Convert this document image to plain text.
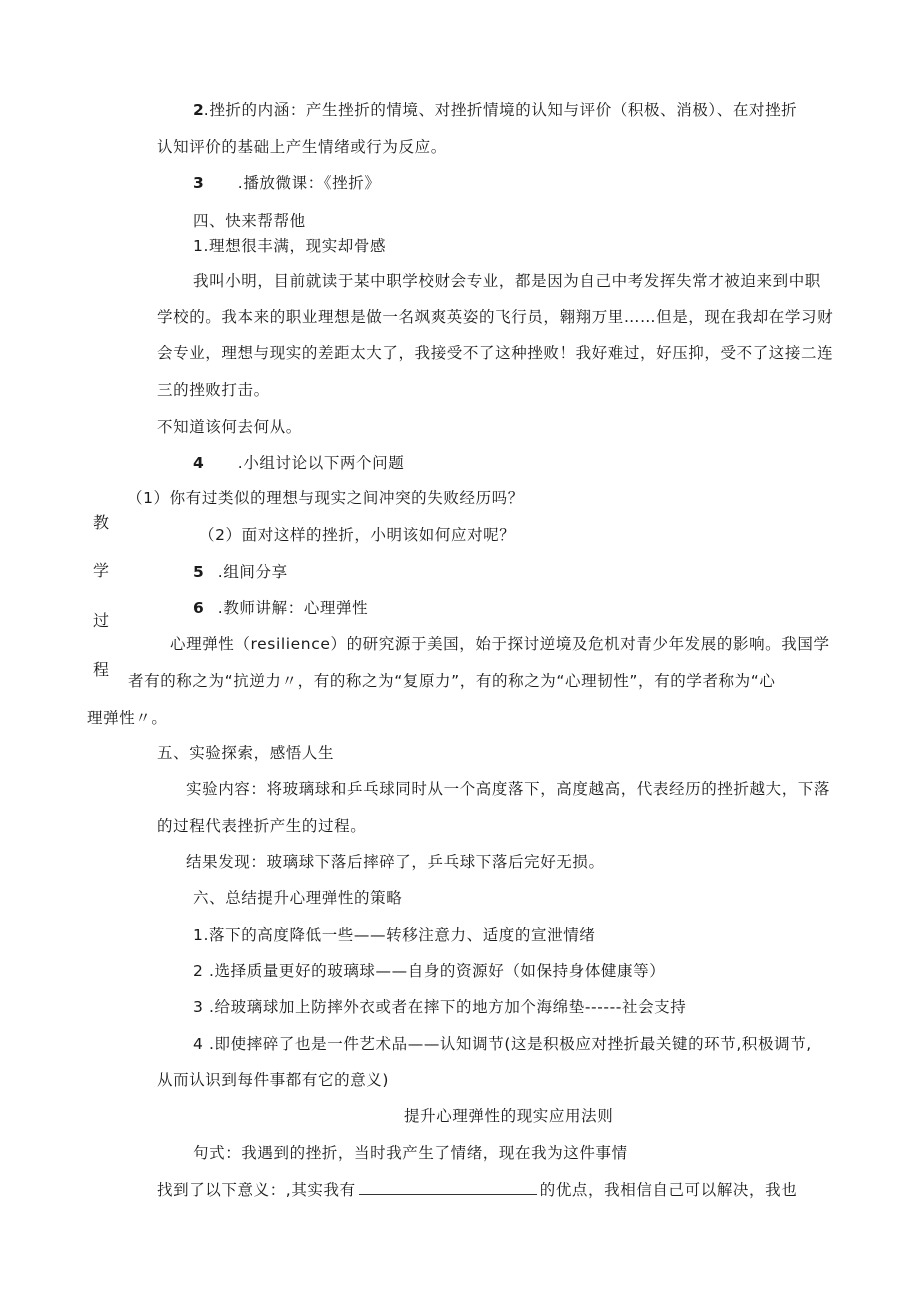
2.挫折的内涵：产生挫折的情境、对挫折情境的认知与评价（积极、消极）、在对挫折
认知评价的基础上产生情绪或行为反应。
3 .播放微课：《挫折》
四、快来帮帮他
1.理想很丰满，现实却骨感
我叫小明，目前就读于某中职学校财会专业，都是因为自己中考发挥失常才被迫来到中职
学校的。我本来的职业理想是做一名飒爽英姿的飞行员，翱翔万里……但是，现在我却在学习财
会专业，理想与现实的差距太大了，我接受不了这种挫败！我好难过，好压抑，受不了这接二连
三的挫败打击。
不知道该何去何从。
4 .小组讨论以下两个问题
（1）你有过类似的理想与现实之间冲突的失败经历吗？
（2）面对这样的挫折，小明该如何应对呢？
教
学
过
程
5 .组间分享
6 .教师讲解：心理弹性
心理弹性（resilience）的研究源于美国，始于探讨逆境及危机对青少年发展的影响。我国学
者有的称之为“抗逆力〃，有的称之为“复原力”，有的称之为“心理韧性”，有的学者称为“心
理弹性〃。
五、实验探索，感悟人生
实验内容：将玻璃球和乒乓球同时从一个高度落下，高度越高，代表经历的挫折越大，下落
的过程代表挫折产生的过程。
结果发现：玻璃球下落后摔碎了，乒乓球下落后完好无损。
六、总结提升心理弹性的策略
1.落下的高度降低一些——转移注意力、适度的宣泄情绪
2 .选择质量更好的玻璃球——自身的资源好（如保持身体健康等）
3 .给玻璃球加上防摔外衣或者在摔下的地方加个海绵垫------社会支持
4 .即使摔碎了也是一件艺术品——认知调节(这是积极应对挫折最关键的环节,积极调节,
从而认识到每件事都有它的意义)
提升心理弹性的现实应用法则
句式：我遇到的挫折，当时我产生了情绪，现在我为这件事情
找到了以下意义：,其实我有	的优点，我相信自己可以解决，我也
